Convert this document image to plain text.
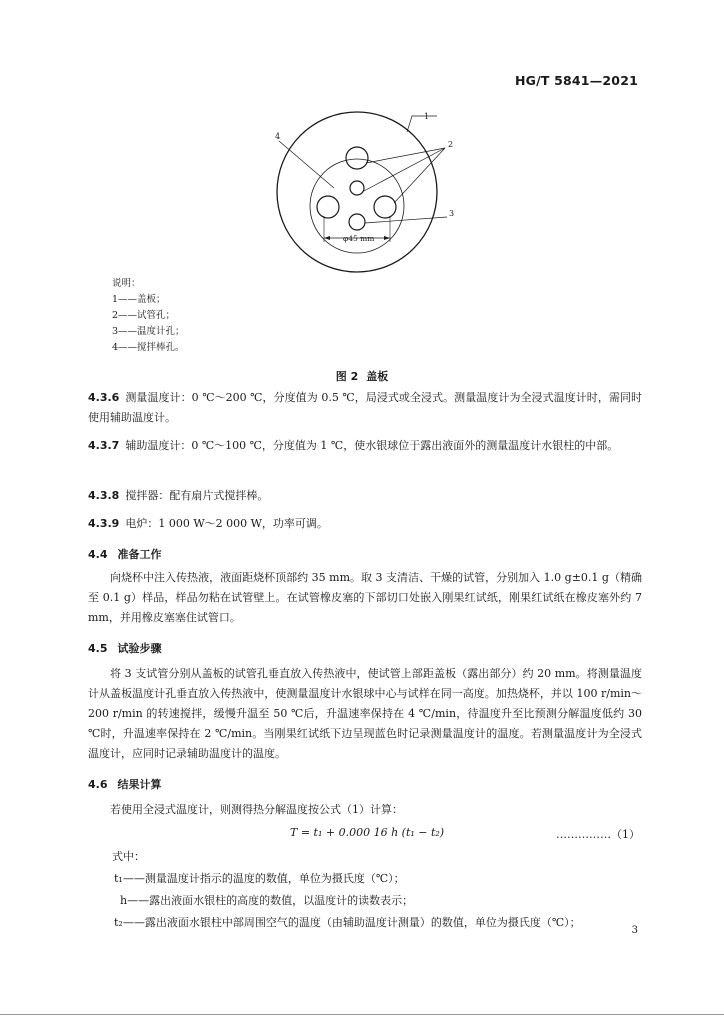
HG/T 5841—2021
φ45 mm
1
2
3
4
说明：
1——盖板；
2——试管孔；
3——温度计孔；
4——搅拌棒孔。
图 2 盖板
4.3.6 测量温度计：0 ℃～200 ℃，分度值为 0.5 ℃，局浸式或全浸式。测量温度计为全浸式温度计时，需同时使用辅助温度计。
4.3.7 辅助温度计：0 ℃～100 ℃，分度值为 1 ℃，使水银球位于露出液面外的测量温度计水银柱的中部。
4.3.8 搅拌器：配有扇片式搅拌棒。
4.3.9 电炉：1 000 W～2 000 W，功率可调。
4.4 准备工作
向烧杯中注入传热液，液面距烧杯顶部约 35 mm。取 3 支清洁、干燥的试管，分别加入 1.0 g±0.1 g（精确至 0.1 g）样品，样品勿粘在试管壁上。在试管橡皮塞的下部切口处嵌入刚果红试纸，刚果红试纸在橡皮塞外约 7 mm，并用橡皮塞塞住试管口。
4.5 试验步骤
将 3 支试管分别从盖板的试管孔垂直放入传热液中，使试管上部距盖板（露出部分）约 20 mm。将测量温度计从盖板温度计孔垂直放入传热液中，使测量温度计水银球中心与试样在同一高度。加热烧杯，并以 100 r/min～200 r/min 的转速搅拌，缓慢升温至 50 ℃后，升温速率保持在 4 ℃/min，待温度升至比预测分解温度低约 30 ℃时，升温速率保持在 2 ℃/min。当刚果红试纸下边呈现蓝色时记录测量温度计的温度。若测量温度计为全浸式温度计，应同时记录辅助温度计的温度。
4.6 结果计算
若使用全浸式温度计，则测得热分解温度按公式（1）计算：
T = t₁ + 0.000 16 h (t₁ − t₂)	……………（1）
式中：
t₁——测量温度计指示的温度的数值，单位为摄氏度（℃）；
h——露出液面水银柱的高度的数值，以温度计的读数表示；
t₂——露出液面水银柱中部周围空气的温度（由辅助温度计测量）的数值，单位为摄氏度（℃）；
3
